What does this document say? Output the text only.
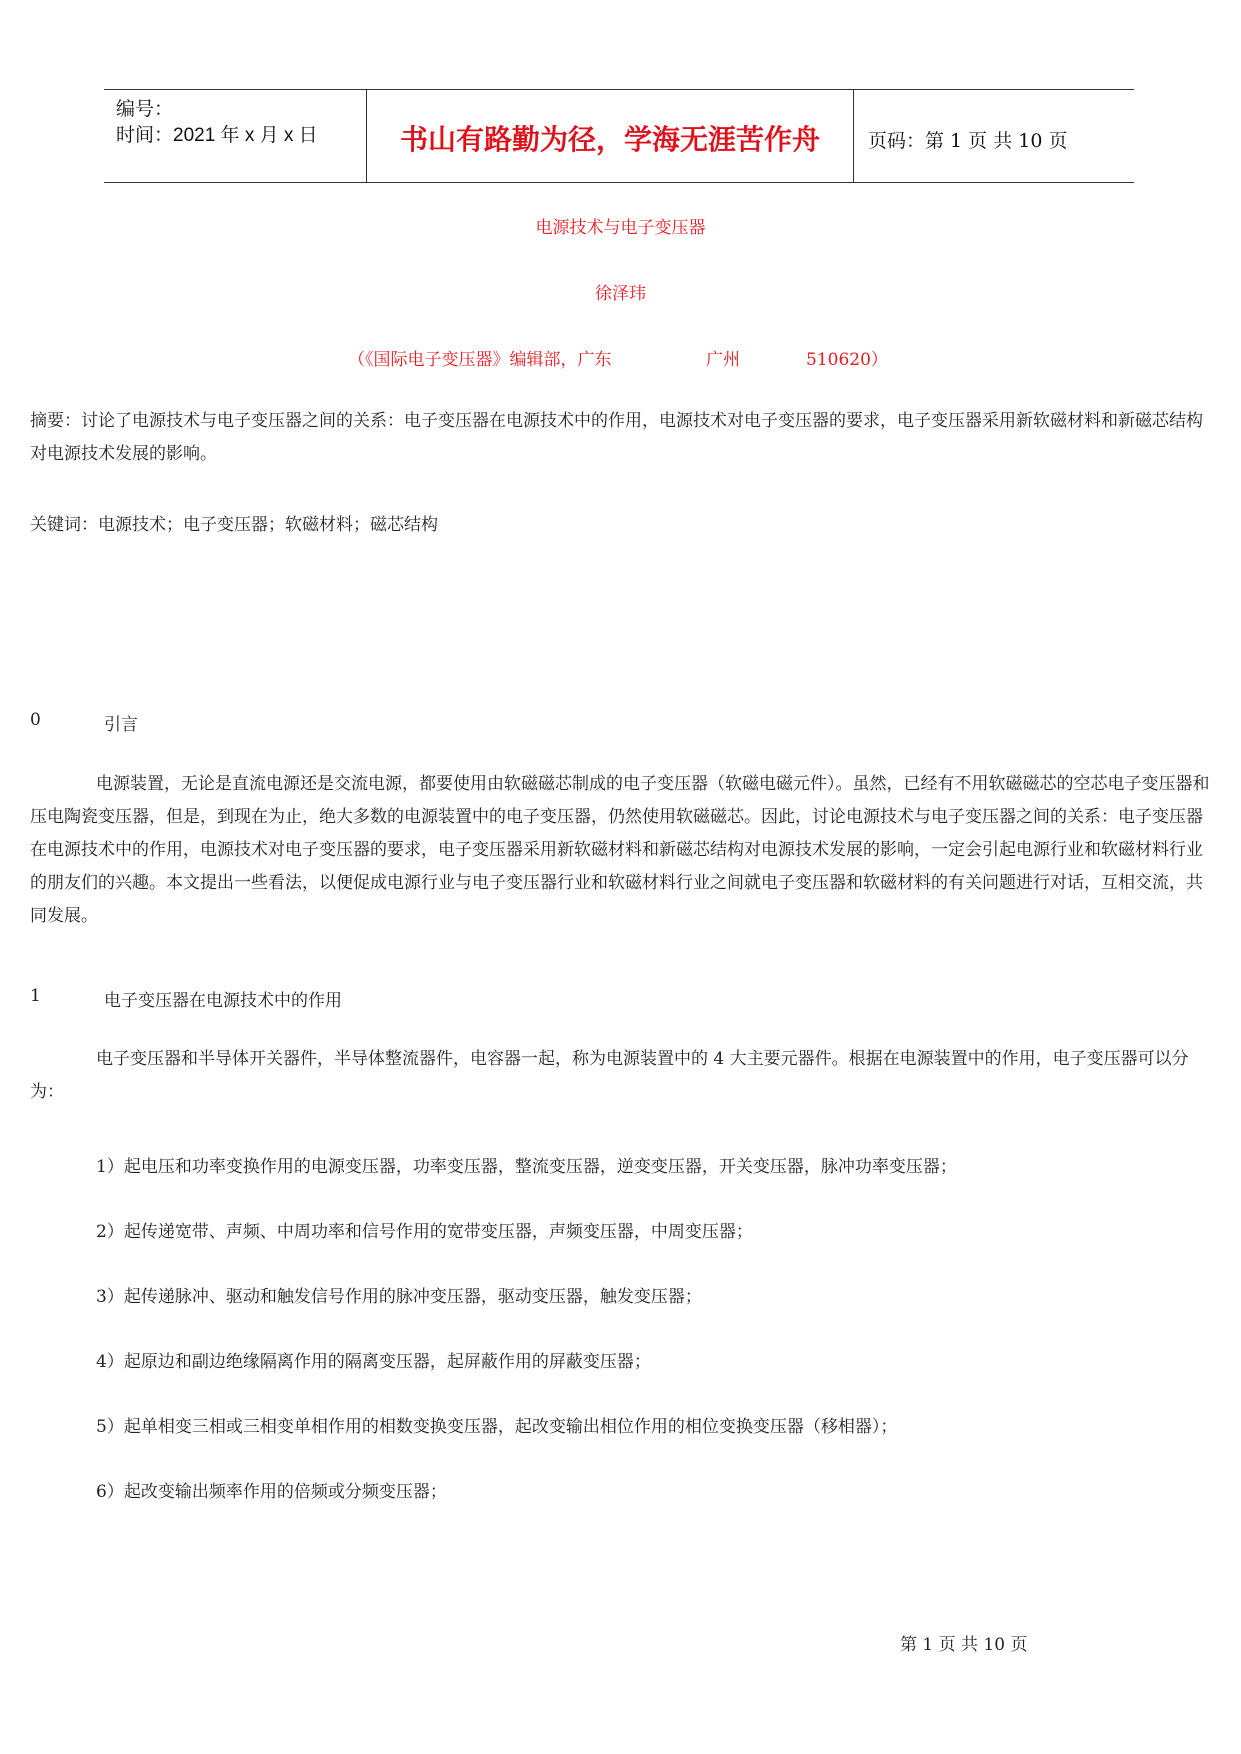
编号：
时间：2021 年 x 月 x 日	书山有路勤为径，学海无涯苦作舟	页码：第 1 页 共 10 页
电源技术与电子变压器
徐泽玮
（《国际电子变压器》编辑部，广东	广州	510620）
摘要：讨论了电源技术与电子变压器之间的关系：电子变压器在电源技术中的作用，电源技术对电子变压器的要求，电子变压器采用新软磁材料和新磁芯结构对电源技术发展的影响。
关键词：电源技术；电子变压器；软磁材料；磁芯结构
0	引言
电源装置，无论是直流电源还是交流电源，都要使用由软磁磁芯制成的电子变压器（软磁电磁元件）。虽然，已经有不用软磁磁芯的空芯电子变压器和压电陶瓷变压器，但是，到现在为止，绝大多数的电源装置中的电子变压器，仍然使用软磁磁芯。因此，讨论电源技术与电子变压器之间的关系：电子变压器在电源技术中的作用，电源技术对电子变压器的要求，电子变压器采用新软磁材料和新磁芯结构对电源技术发展的影响，一定会引起电源行业和软磁材料行业的朋友们的兴趣。本文提出一些看法，以便促成电源行业与电子变压器行业和软磁材料行业之间就电子变压器和软磁材料的有关问题进行对话，互相交流，共同发展。
1	电子变压器在电源技术中的作用
电子变压器和半导体开关器件，半导体整流器件，电容器一起，称为电源装置中的 4 大主要元器件。根据在电源装置中的作用，电子变压器可以分为：
1）起电压和功率变换作用的电源变压器，功率变压器，整流变压器，逆变变压器，开关变压器，脉冲功率变压器；
2）起传递宽带、声频、中周功率和信号作用的宽带变压器，声频变压器，中周变压器；
3）起传递脉冲、驱动和触发信号作用的脉冲变压器，驱动变压器，触发变压器；
4）起原边和副边绝缘隔离作用的隔离变压器，起屏蔽作用的屏蔽变压器；
5）起单相变三相或三相变单相作用的相数变换变压器，起改变输出相位作用的相位变换变压器（移相器）；
6）起改变输出频率作用的倍频或分频变压器；
第 1 页 共 10 页
